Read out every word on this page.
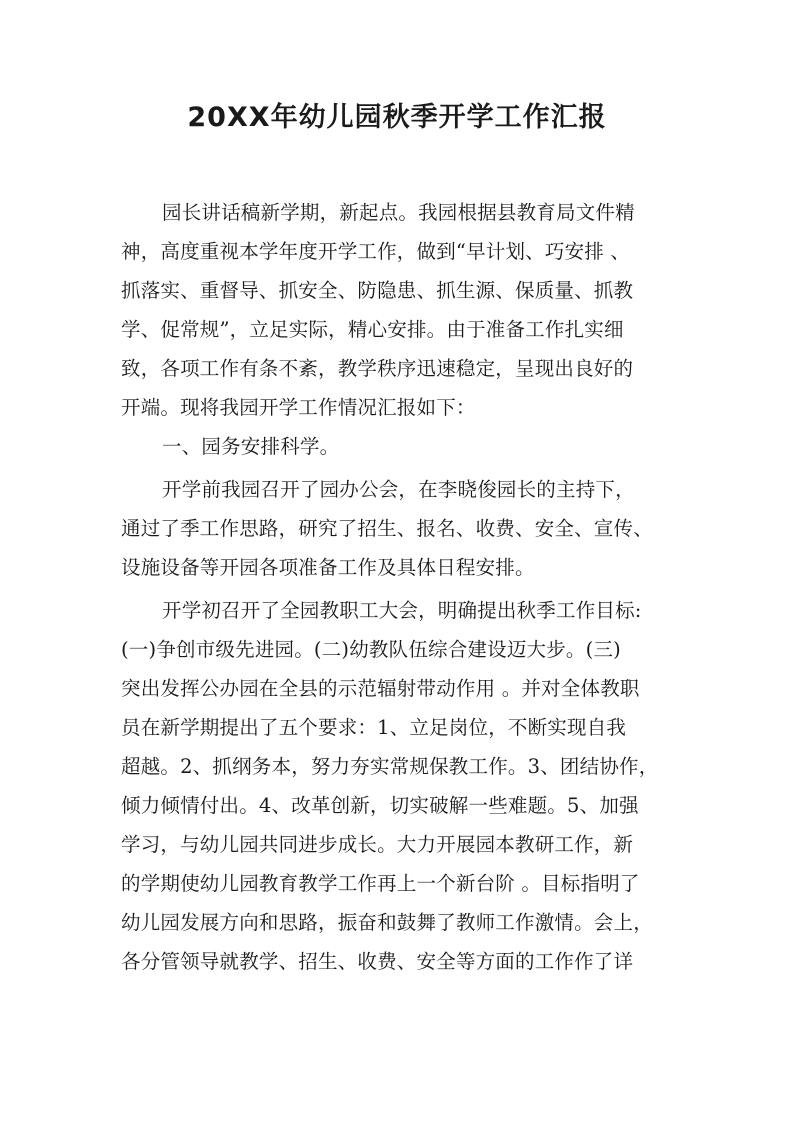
20XX年幼儿园秋季开学工作汇报
园长讲话稿新学期，新起点。我园根据县教育局文件精
神，高度重视本学年度开学工作，做到“早计划、巧安排 、
抓落实、重督导、抓安全、防隐患、抓生源、保质量、抓教
学、促常规”，立足实际，精心安排。由于准备工作扎实细
致，各项工作有条不紊，教学秩序迅速稳定，呈现出良好的
开端。现将我园开学工作情况汇报如下：
一、园务安排科学。
开学前我园召开了园办公会，在李晓俊园长的主持下，
通过了季工作思路，研究了招生、报名、收费、安全、宣传、
设施设备等开园各项准备工作及具体日程安排。
开学初召开了全园教职工大会，明确提出秋季工作目标:
(一)争创市级先进园。(二)幼教队伍综合建设迈大步。(三)
突出发挥公办园在全县的示范辐射带动作用 。并对全体教职
员在新学期提出了五个要求：1、立足岗位，不断实现自我
超越。2、抓纲务本，努力夯实常规保教工作。3、团结协作，
倾力倾情付出。4、改革创新，切实破解一些难题。5、加强
学习，与幼儿园共同进步成长。大力开展园本教研工作，新
的学期使幼儿园教育教学工作再上一个新台阶 。目标指明了
幼儿园发展方向和思路，振奋和鼓舞了教师工作激情。会上，
各分管领导就教学、招生、收费、安全等方面的工作作了详
